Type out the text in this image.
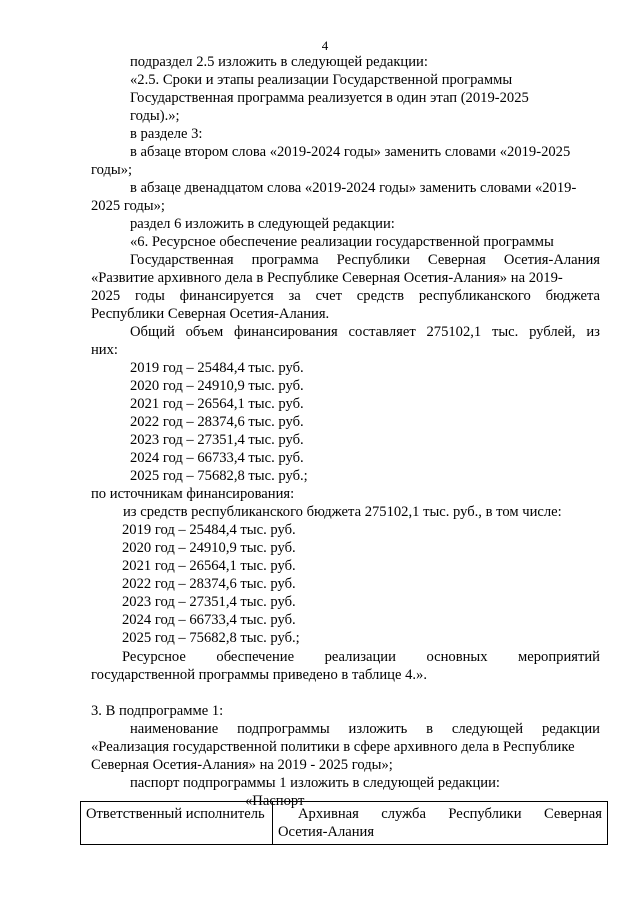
4
подраздел 2.5 изложить в следующей редакции:
«2.5. Сроки и этапы реализации Государственной программы
Государственная программа реализуется в один этап (2019-2025
годы).»;
в разделе 3:
в абзаце втором слова «2019-2024 годы» заменить словами «2019-2025
годы»;
в абзаце двенадцатом слова «2019-2024 годы» заменить словами «2019-
2025 годы»;
раздел 6 изложить в следующей редакции:
«6. Ресурсное обеспечение реализации государственной программы
Государственная программа Республики Северная Осетия-Алания
«Развитие архивного дела в Республике Северная Осетия-Алания» на 2019-
2025 годы финансируется за счет средств республиканского бюджета
Республики Северная Осетия-Алания.
Общий объем финансирования составляет 275102,1 тыс. рублей, из
них:
2019 год – 25484,4 тыс. руб.
2020 год – 24910,9 тыс. руб.
2021 год – 26564,1 тыс. руб.
2022 год – 28374,6 тыс. руб.
2023 год – 27351,4 тыс. руб.
2024 год – 66733,4 тыс. руб.
2025 год – 75682,8 тыс. руб.;
по источникам финансирования:
из средств республиканского бюджета 275102,1 тыс. руб., в том числе:
2019 год – 25484,4 тыс. руб.
2020 год – 24910,9 тыс. руб.
2021 год – 26564,1 тыс. руб.
2022 год – 28374,6 тыс. руб.
2023 год – 27351,4 тыс. руб.
2024 год – 66733,4 тыс. руб.
2025 год – 75682,8 тыс. руб.;
Ресурсное обеспечение реализации основных мероприятий
государственной программы приведено в таблице 4.».
3. В подпрограмме 1:
наименование подпрограммы изложить в следующей редакции
«Реализация государственной политики в сфере архивного дела в Республике
Северная Осетия-Алания» на 2019 - 2025 годы»;
паспорт подпрограммы 1 изложить в следующей редакции:
«Паспорт
Ответственный исполнитель	Архивная служба Республики Северная
Осетия-Алания
